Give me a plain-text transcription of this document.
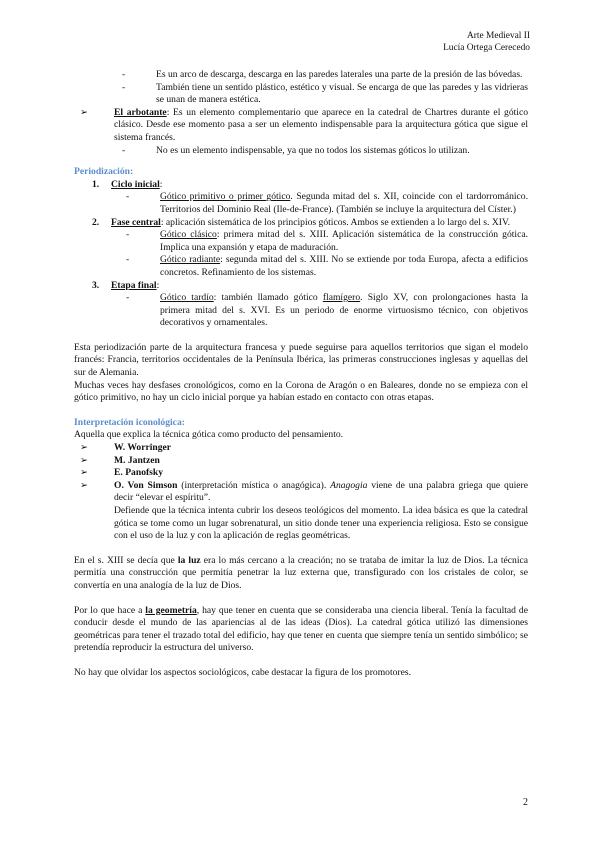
Arte Medieval II
Lucía Ortega Cerecedo
-	Es un arco de descarga, descarga en las paredes laterales una parte de la presión de las bóvedas.
-	También tiene un sentido plástico, estético y visual. Se encarga de que las paredes y las vidrieras se unan de manera estética.
➢	El arbotante: Es un elemento complementario que aparece en la catedral de Chartres durante el gótico clásico. Desde ese momento pasa a ser un elemento indispensable para la arquitectura gótica que sigue el sistema francés.
-	No es un elemento indispensable, ya que no todos los sistemas góticos lo utilizan.

Periodización:

1.	Ciclo inicial:
-	Gótico primitivo o primer gótico. Segunda mitad del s. XII, coincide con el tardorrománico. Territorios del Dominio Real (Ile-de-France). (También se incluye la arquitectura del Císter.)
2.	Fase central: aplicación sistemática de los principios góticos. Ambos se extienden a lo largo del s. XIV.
-	Gótico clásico: primera mitad del s. XIII. Aplicación sistemática de la construcción gótica. Implica una expansión y etapa de maduración.
-	Gótico radiante: segunda mitad del s. XIII. No se extiende por toda Europa, afecta a edificios concretos. Refinamiento de los sistemas.
3.	Etapa final:
-	Gótico tardío: también llamado gótico flamígero. Siglo XV, con prolongaciones hasta la primera mitad del s. XVI. Es un periodo de enorme virtuosismo técnico, con objetivos decorativos y ornamentales.

Esta periodización parte de la arquitectura francesa y puede seguirse para aquellos territorios que sigan el modelo francés: Francia, territorios occidentales de la Península Ibérica, las primeras construcciones inglesas y aquellas del sur de Alemania.

Muchas veces hay desfases cronológicos, como en la Corona de Aragón o en Baleares, donde no se empieza con el gótico primitivo, no hay un ciclo inicial porque ya habían estado en contacto con otras etapas.

Interpretación iconológica:

Aquella que explica la técnica gótica como producto del pensamiento.

➢	W. Worringer
➢	M. Jantzen
➢	E. Panofsky
➢	O. Von Simson (interpretación mística o anagógica). Anagogia viene de una palabra griega que quiere decir “elevar el espíritu”.

Defiende que la técnica intenta cubrir los deseos teológicos del momento. La idea básica es que la catedral gótica se tome como un lugar sobrenatural, un sitio donde tener una experiencia religiosa. Esto se consigue con el uso de la luz y con la aplicación de reglas geométricas.

En el s. XIII se decía que la luz era lo más cercano a la creación; no se trataba de imitar la luz de Dios. La técnica permitía una construcción que permitía penetrar la luz externa que, transfigurado con los cristales de color, se convertía en una analogía de la luz de Dios.

Por lo que hace a la geometría, hay que tener en cuenta que se consideraba una ciencia liberal. Tenía la facultad de conducir desde el mundo de las apariencias al de las ideas (Dios). La catedral gótica utilizó las dimensiones geométricas para tener el trazado total del edificio, hay que tener en cuenta que siempre tenía un sentido simbólico; se pretendía reproducir la estructura del universo.

No hay que olvidar los aspectos sociológicos, cabe destacar la figura de los promotores.

2
